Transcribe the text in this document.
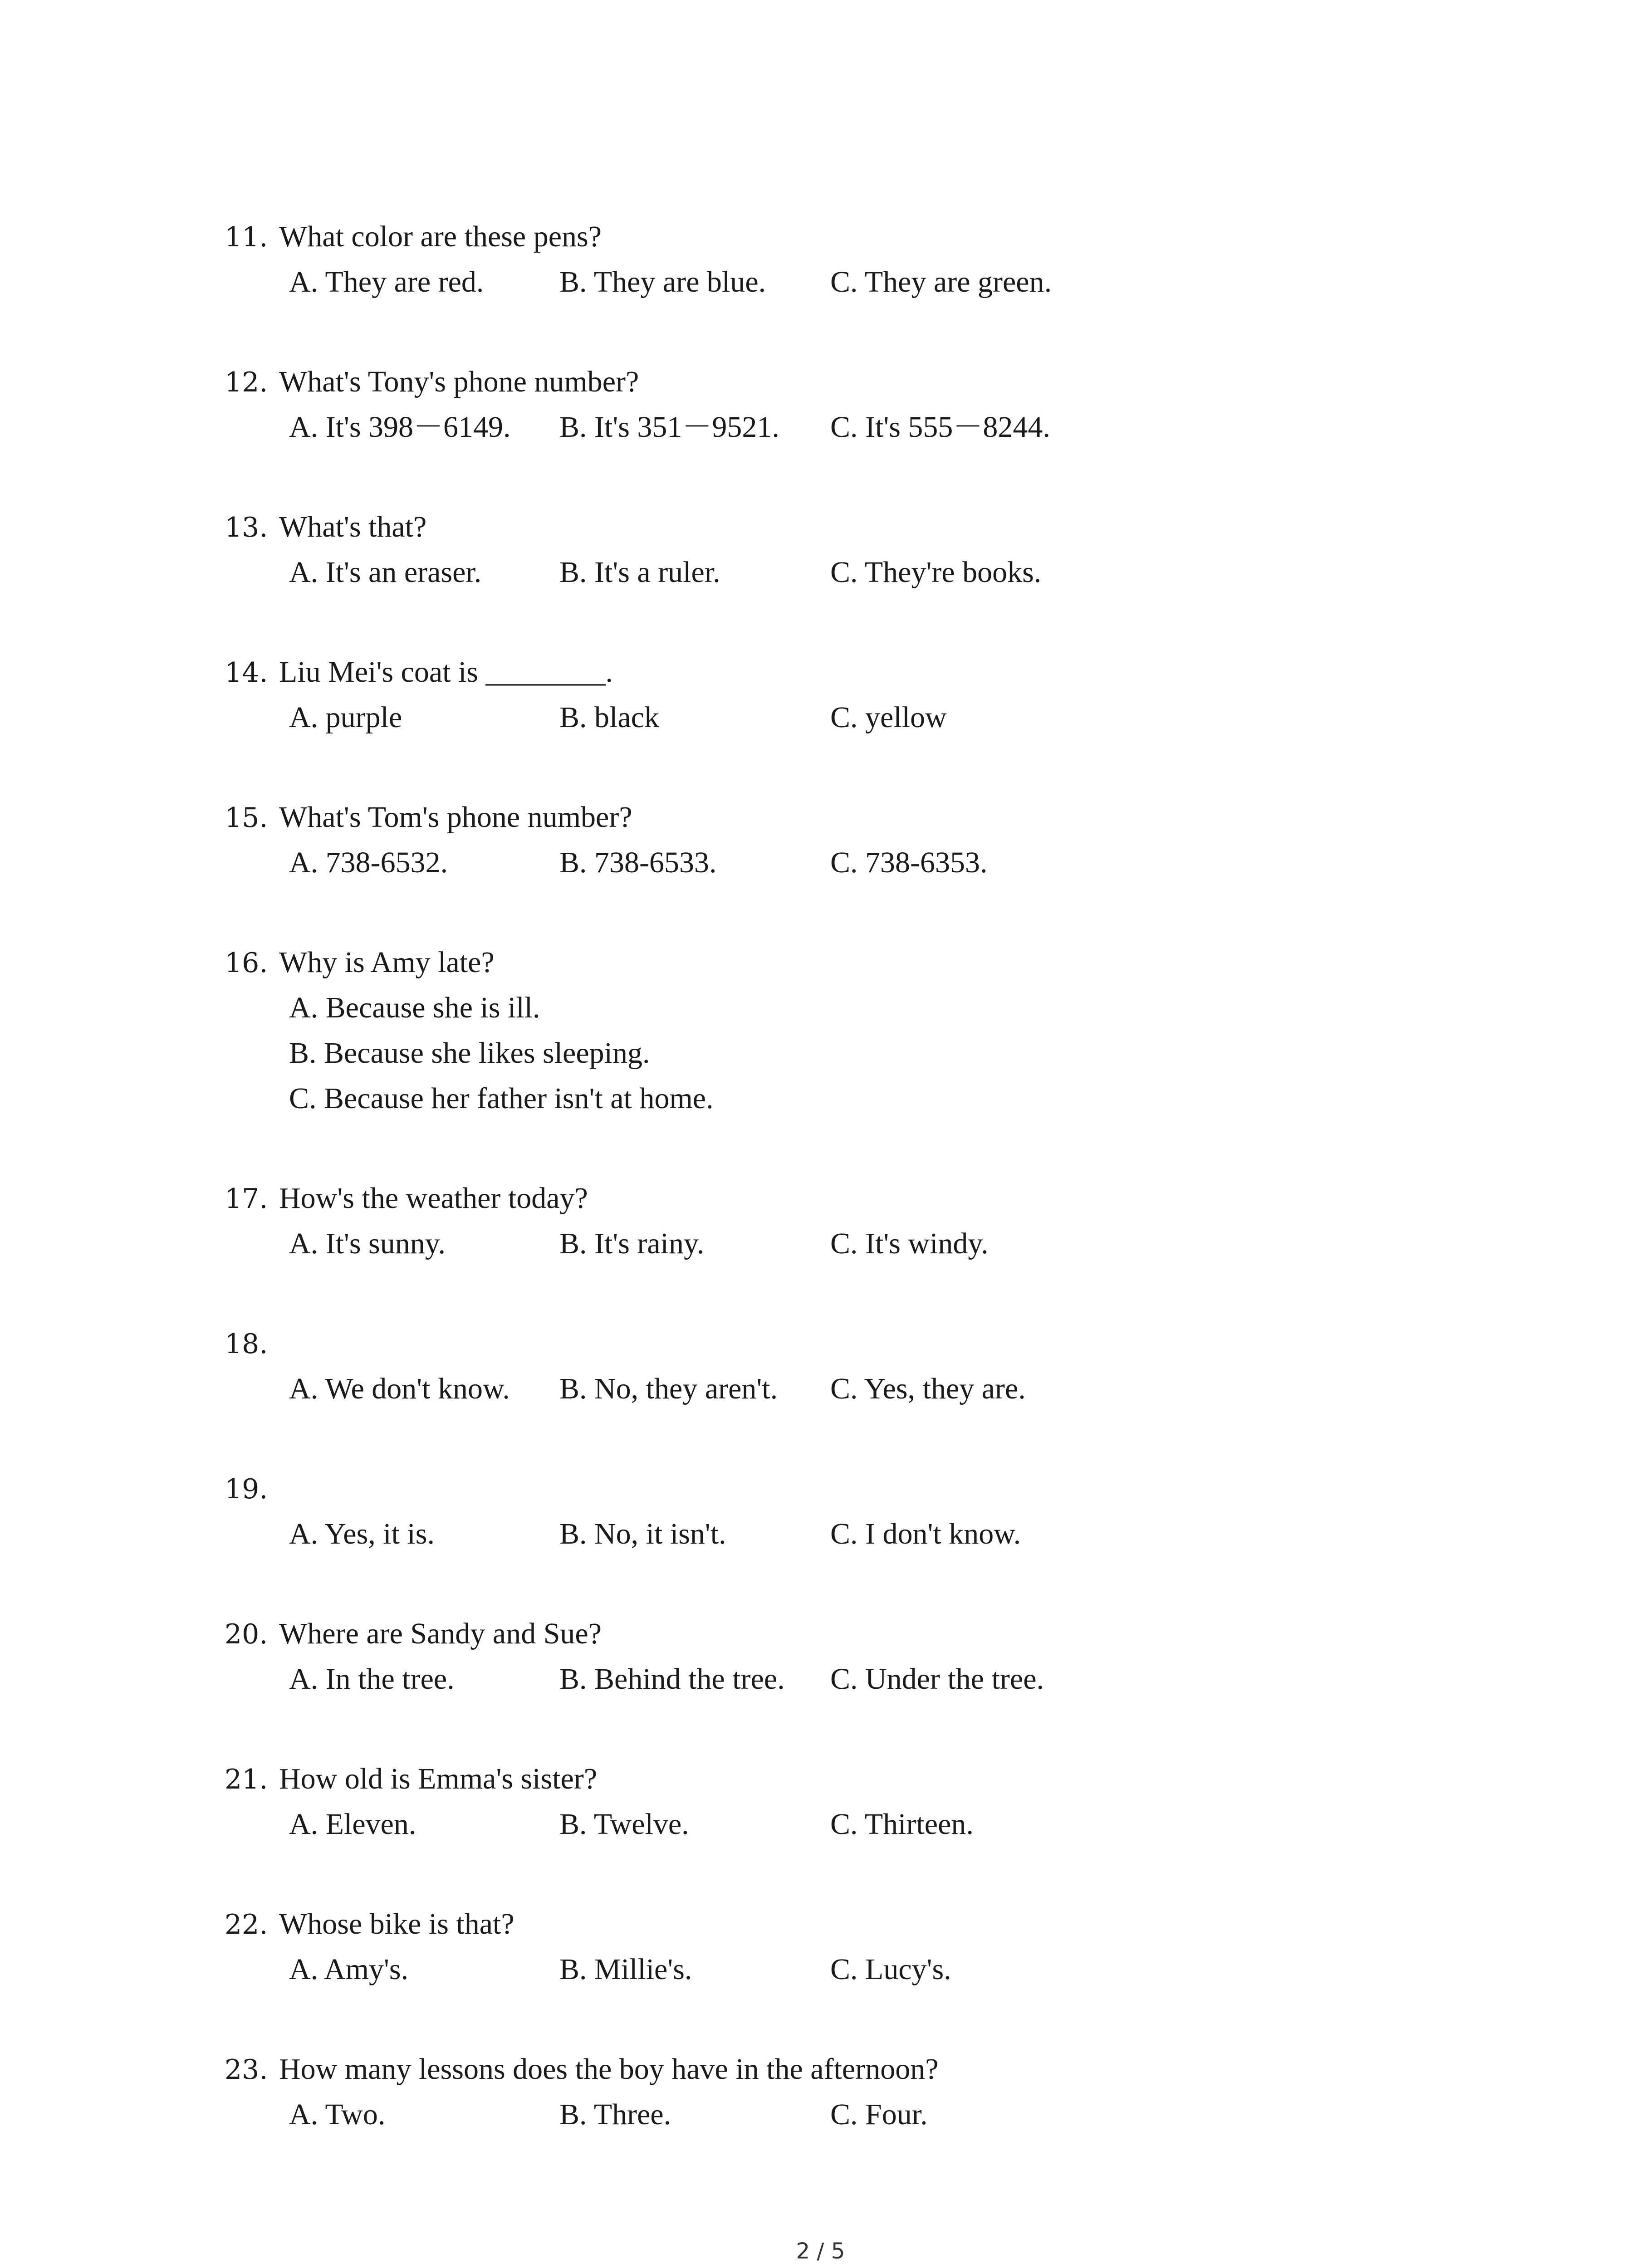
11. What color are these pens?
A. They are red.	B. They are blue. C. They are green.
12. What's Tony's phone number?
A. It's 398－6149. B. It's 351－9521. C. It's 555－8244.
13. What's that?
A. It's an eraser.	B. It's a ruler.	C. They're books.
14. Liu Mei's coat is ________.
A. purple	B. black	C. yellow
15. What's Tom's phone number?
A. 738-6532.	B. 738-6533.	C. 738-6353.
16. Why is Amy late?
A. Because she is ill.
B. Because she likes sleeping.
C. Because her father isn't at home.
17. How's the weather today?
A. It's sunny.	B. It's rainy.	C. It's windy.
18.
A. We don't know. B. No, they aren't. C. Yes, they are.
19.
A. Yes, it is.	B. No, it isn't.	C. I don't know.
20. Where are Sandy and Sue?
A. In the tree.	B. Behind the tree. C. Under the tree.
21. How old is Emma's sister?
A. Eleven.	B. Twelve.	C. Thirteen.
22. Whose bike is that?
A. Amy's.	B. Millie's.	C. Lucy's.
23. How many lessons does the boy have in the afternoon?
A. Two.	B. Three.	C. Four.
2 / 5
